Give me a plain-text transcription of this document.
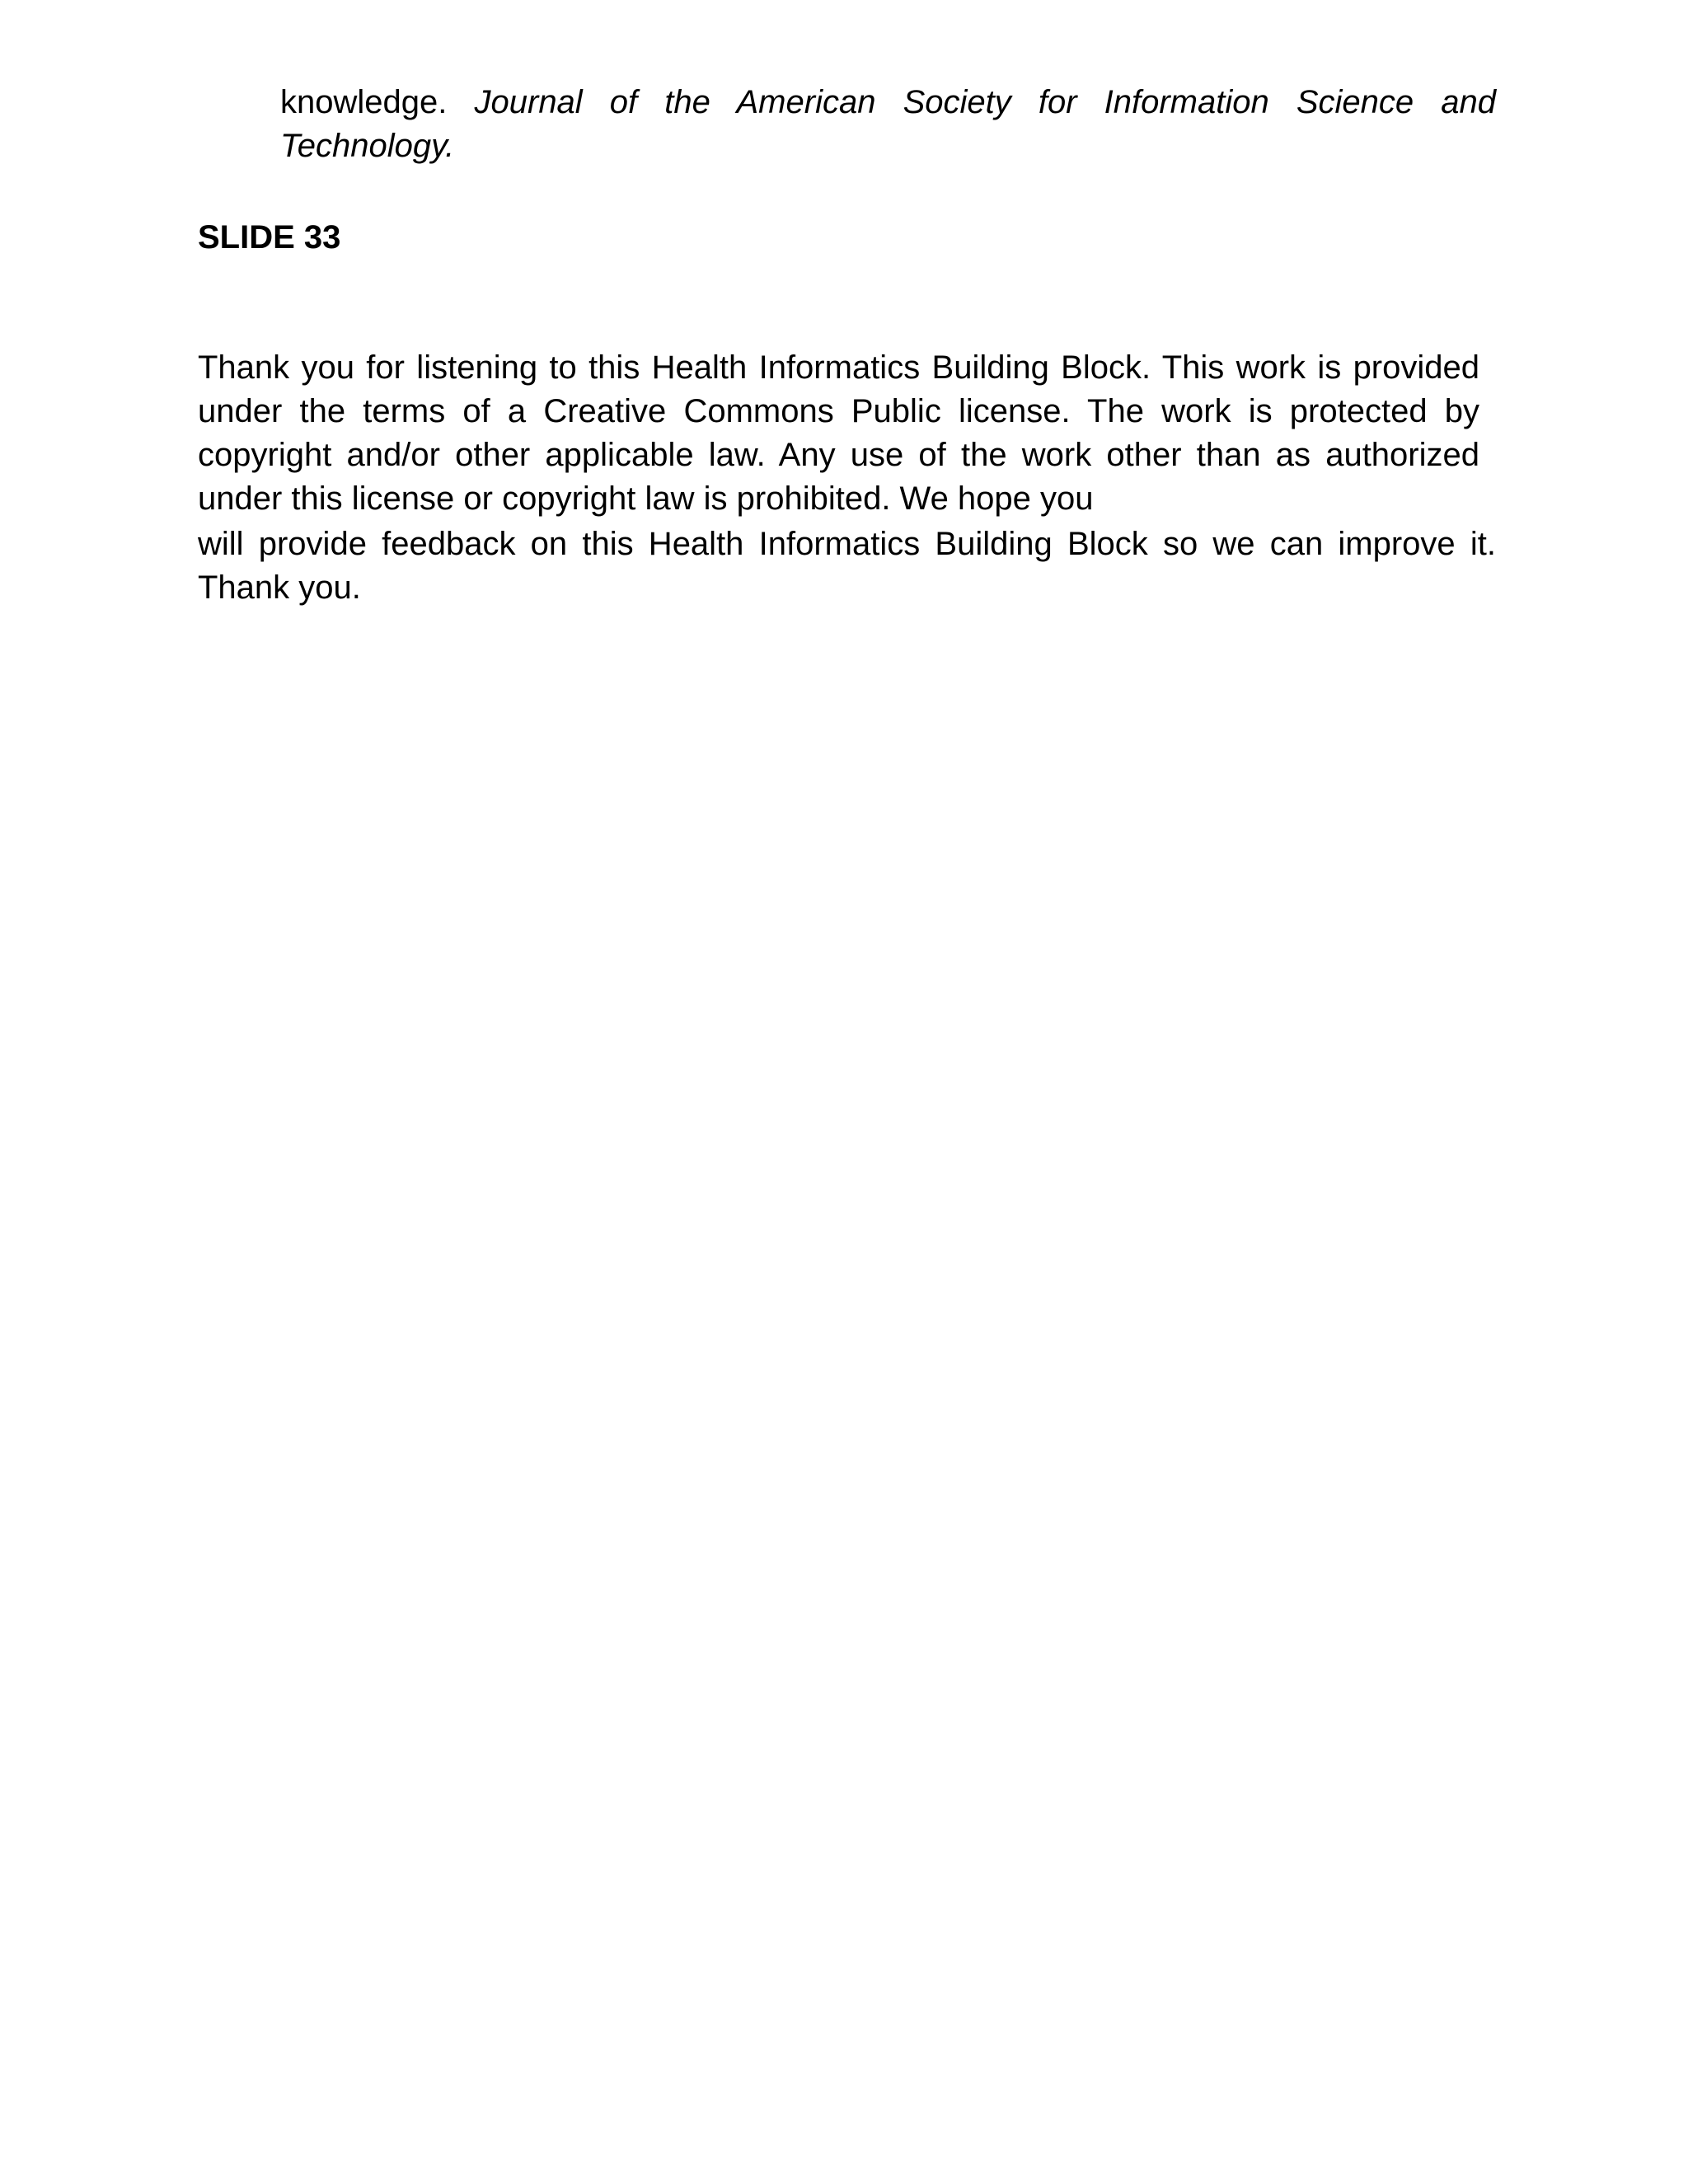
knowledge. Journal of the American Society for Information Science and Technology.
SLIDE 33
Thank you for listening to this Health Informatics Building Block. This work is provided under the terms of a Creative Commons Public license. The work is protected by copyright and/or other applicable law. Any use of the work other than as authorized under this license or copyright law is prohibited. We hope you
will provide feedback on this Health Informatics Building Block so we can improve it. Thank you.
